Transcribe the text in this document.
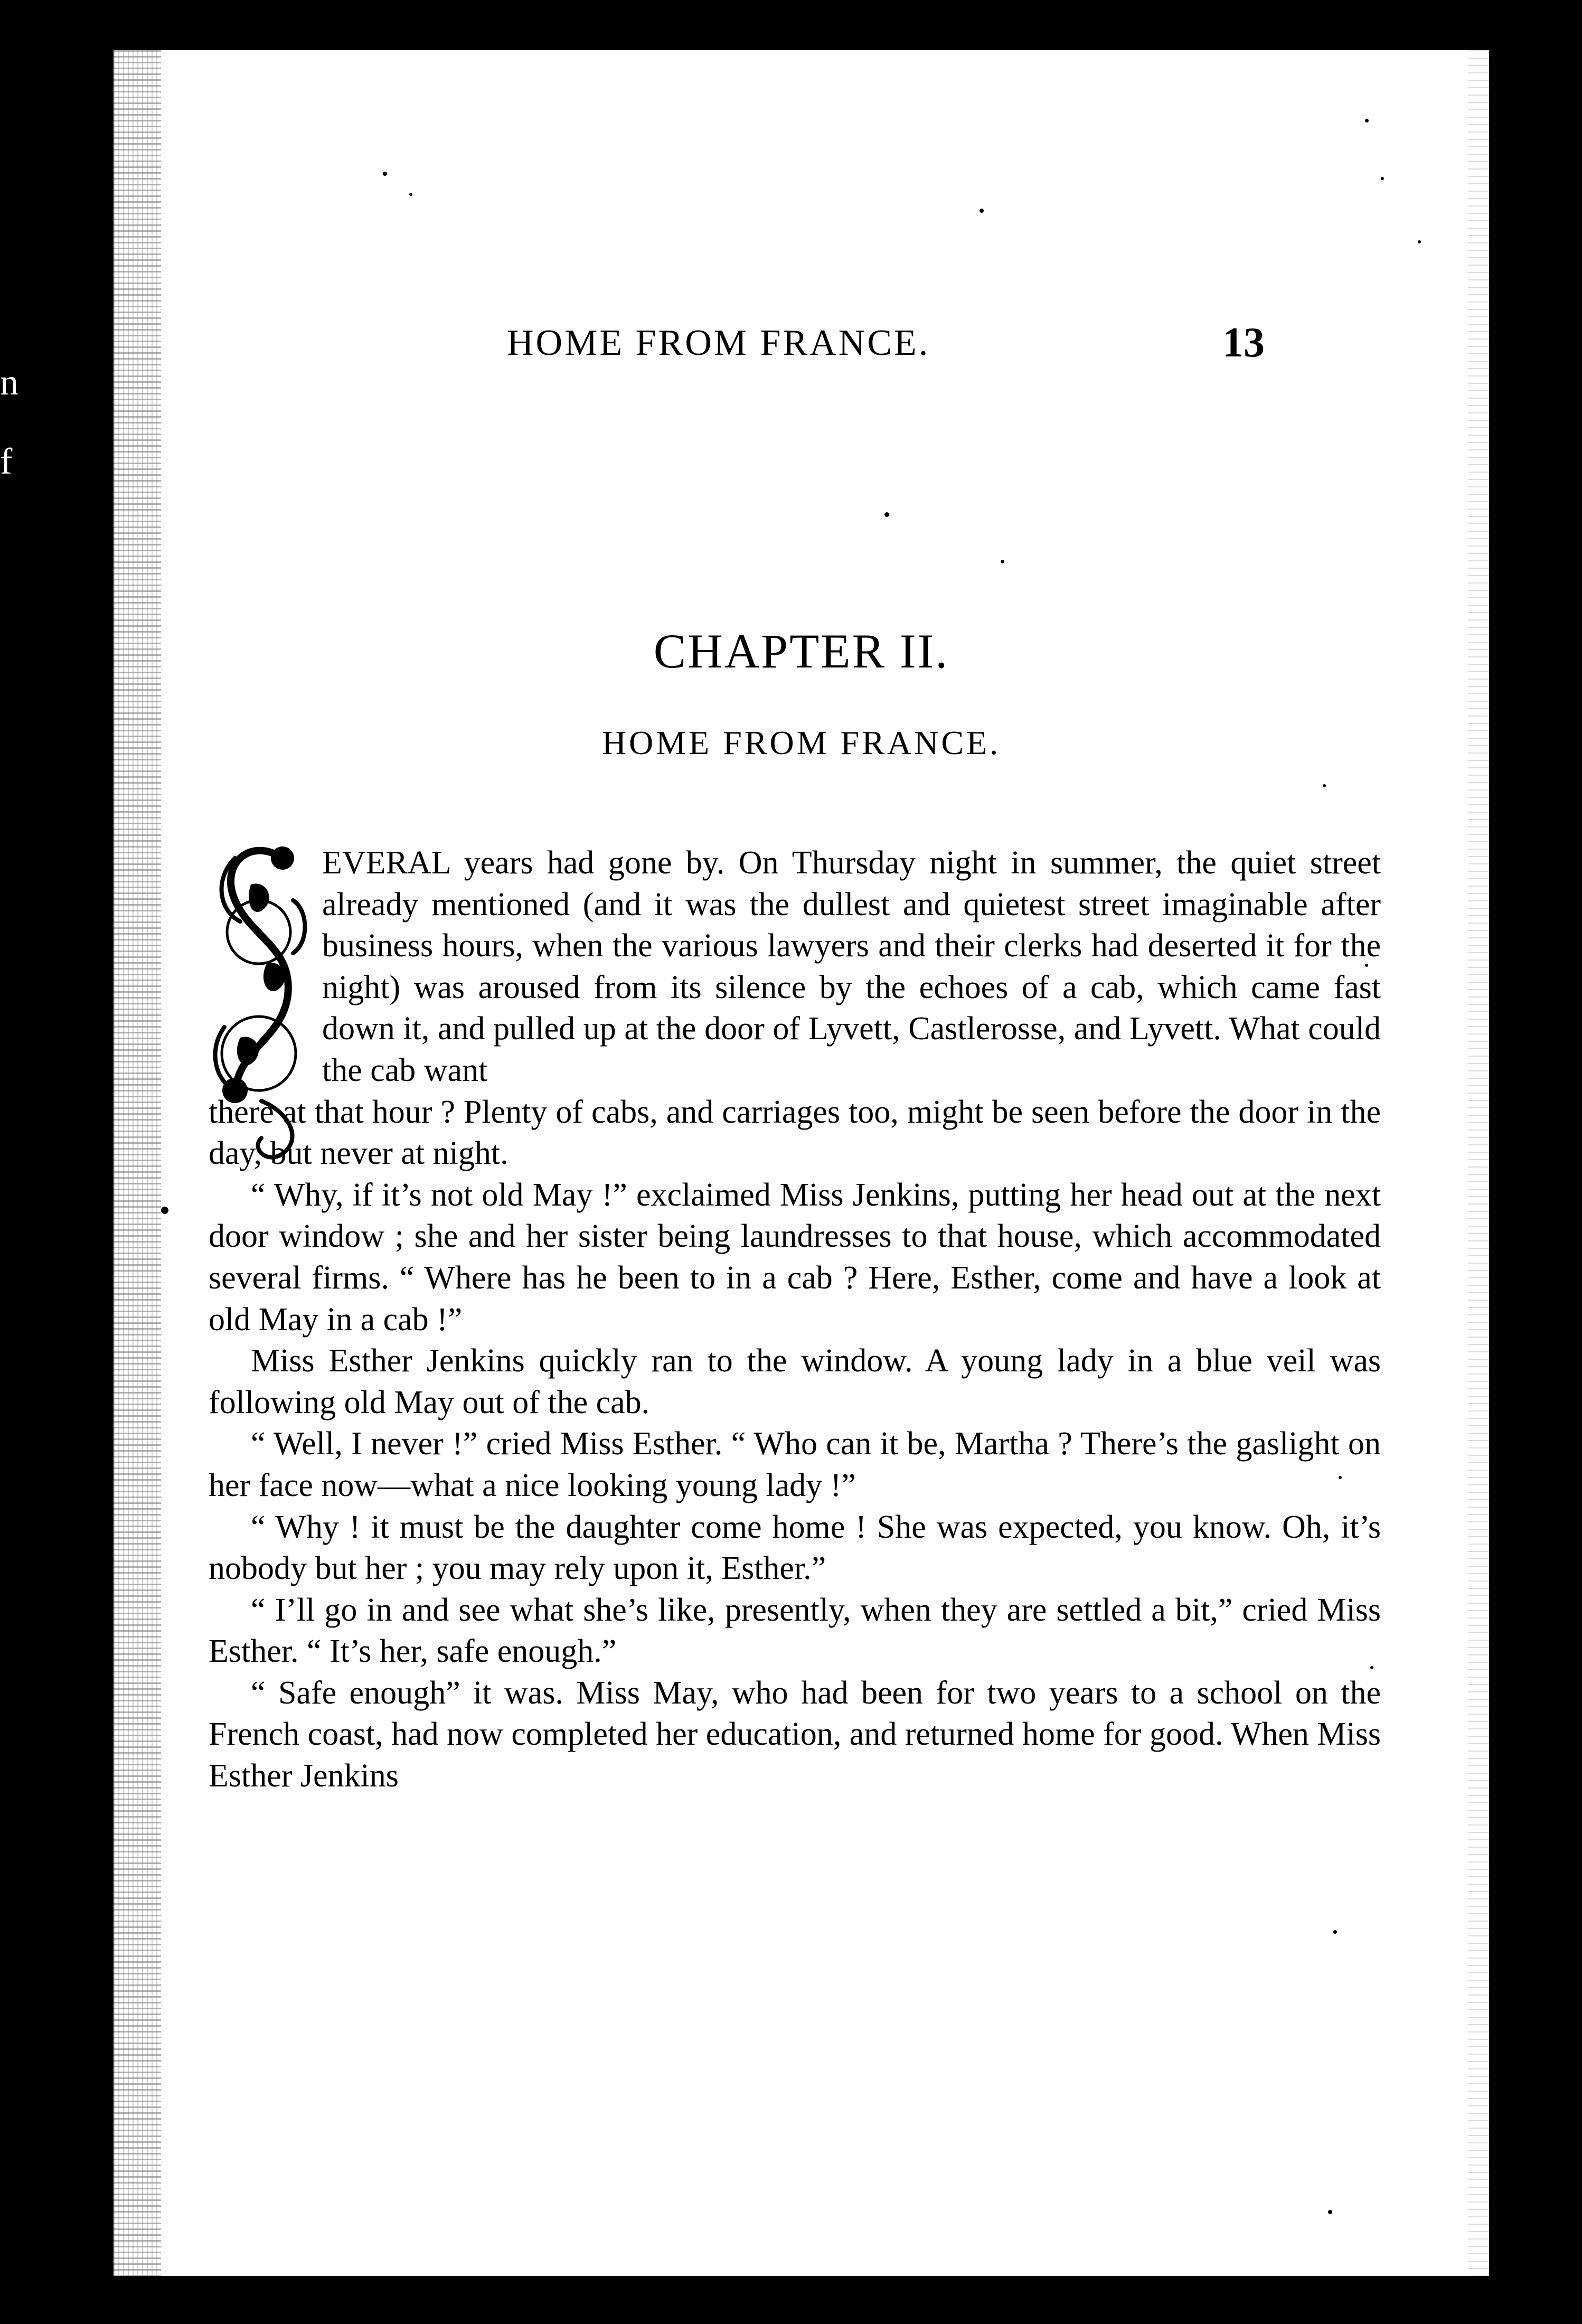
HOME FROM FRANCE.	13
CHAPTER II.
HOME FROM FRANCE.

EVERAL years had gone by. On Thursday night in summer, the quiet street already mentioned (and it was the dullest and quietest street imaginable after business hours, when the various lawyers and their clerks had deserted it for the night) was aroused from its silence by the echoes of a cab, which came fast down it, and pulled up at the door of Lyvett, Castlerosse, and Lyvett. What could the cab want

there at that hour ? Plenty of cabs, and carriages too, might be seen before the door in the day, but never at night.

“ Why, if it’s not old May !” exclaimed Miss Jenkins, putting her head out at the next door window ; she and her sister being laundresses to that house, which accommodated several firms. “ Where has he been to in a cab ? Here, Esther, come and have a look at old May in a cab !”

Miss Esther Jenkins quickly ran to the window. A young lady in a blue veil was following old May out of the cab.

“ Well, I never !” cried Miss Esther. “ Who can it be, Martha ? There’s the gaslight on her face now—what a nice looking young lady !”

“ Why ! it must be the daughter come home ! She was expected, you know. Oh, it’s nobody but her ; you may rely upon it, Esther.”

“ I’ll go in and see what she’s like, presently, when they are settled a bit,” cried Miss Esther. “ It’s her, safe enough.”

“ Safe enough” it was. Miss May, who had been for two years to a school on the French coast, had now completed her education, and returned home for good. When Miss Esther Jenkins

n
f
